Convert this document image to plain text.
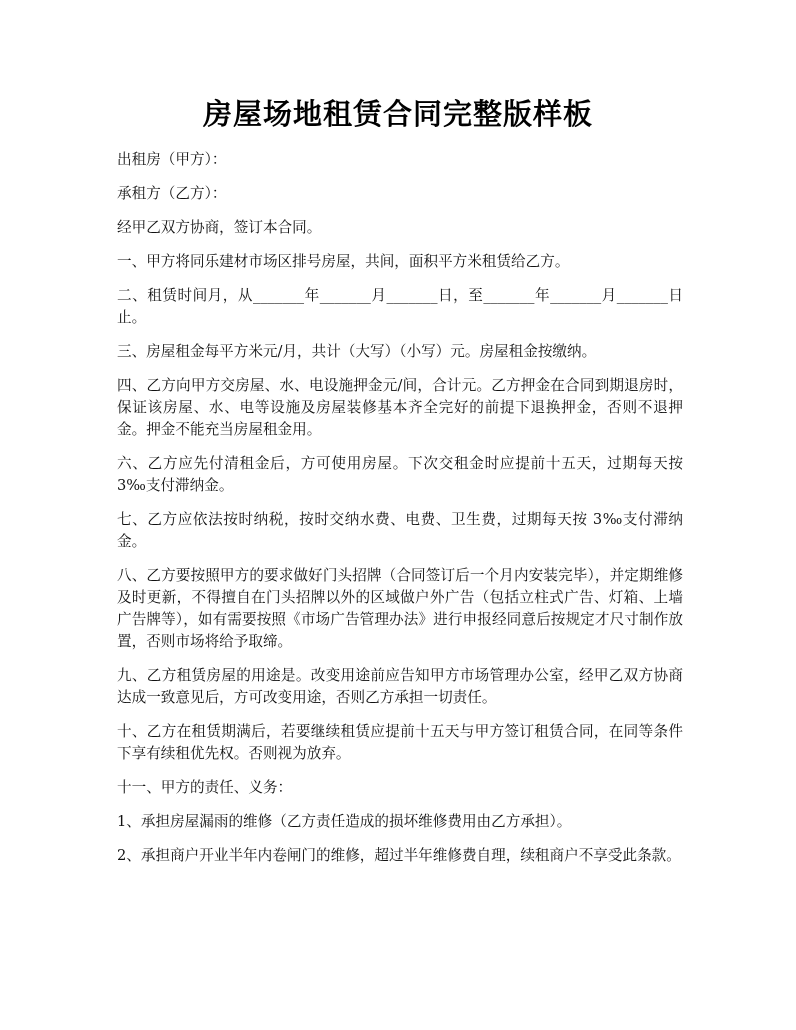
房屋场地租赁合同完整版样板

出租房（甲方）：

承租方（乙方）：

经甲乙双方协商，签订本合同。

一、甲方将同乐建材市场区排号房屋，共间，面积平方米租赁给乙方。

二、租赁时间月，从_______年_______月_______日，至_______年_______月_______日止。

三、房屋租金每平方米元/月，共计（大写）（小写）元。房屋租金按缴纳。

四、乙方向甲方交房屋、水、电设施押金元/间，合计元。乙方押金在合同到期退房时，保证该房屋、水、电等设施及房屋装修基本齐全完好的前提下退换押金，否则不退押金。押金不能充当房屋租金用。

六、乙方应先付清租金后，方可使用房屋。下次交租金时应提前十五天，过期每天按 3‰支付滞纳金。

七、乙方应依法按时纳税，按时交纳水费、电费、卫生费，过期每天按 3‰支付滞纳金。

八、乙方要按照甲方的要求做好门头招牌（合同签订后一个月内安装完毕），并定期维修及时更新，不得擅自在门头招牌以外的区域做户外广告（包括立柱式广告、灯箱、上墙广告牌等），如有需要按照《市场广告管理办法》进行申报经同意后按规定才尺寸制作放置，否则市场将给予取缔。

九、乙方租赁房屋的用途是。改变用途前应告知甲方市场管理办公室，经甲乙双方协商达成一致意见后，方可改变用途，否则乙方承担一切责任。

十、乙方在租赁期满后，若要继续租赁应提前十五天与甲方签订租赁合同，在同等条件下享有续租优先权。否则视为放弃。

十一、甲方的责任、义务：

1、承担房屋漏雨的维修（乙方责任造成的损坏维修费用由乙方承担）。

2、承担商户开业半年内卷闸门的维修，超过半年维修费自理，续租商户不享受此条款。
